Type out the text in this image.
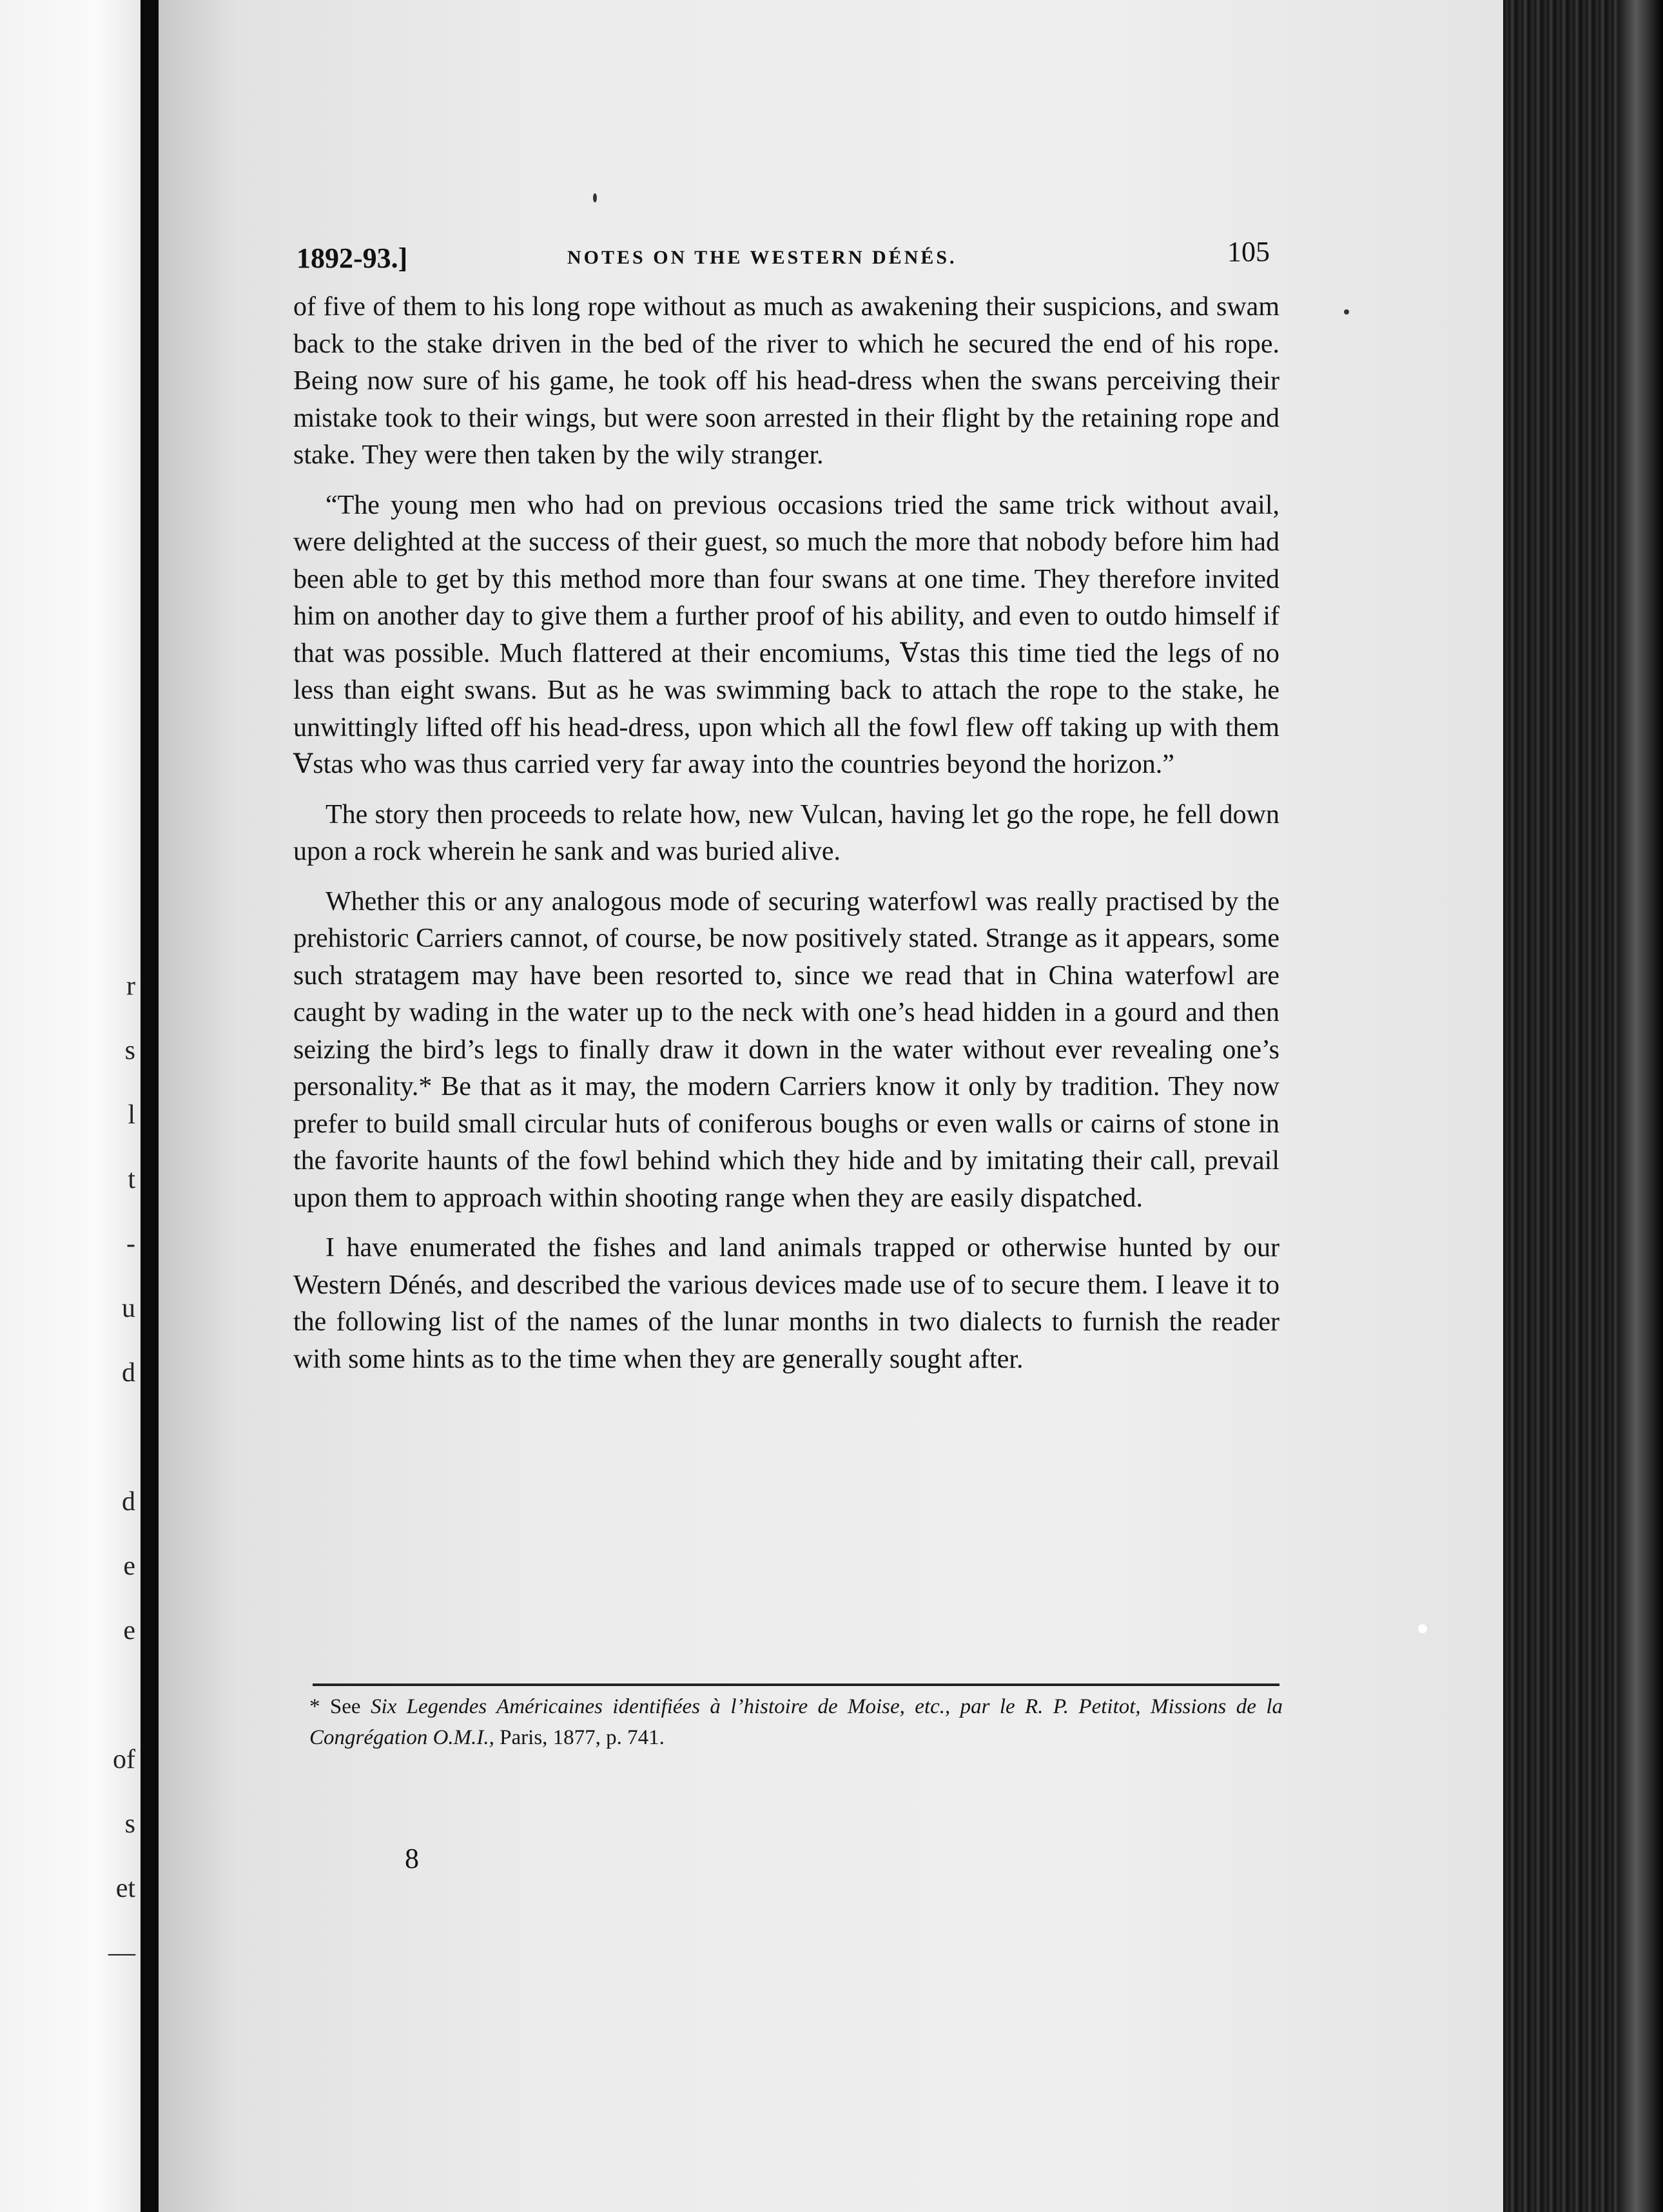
r
s
l
t
-
u
d
d
e
e
of
s
et
—
1892-93.]	NOTES ON THE WESTERN DÉNÉS.	105

of five of them to his long rope without as much as awakening their suspicions, and swam back to the stake driven in the bed of the river to which he secured the end of his rope. Being now sure of his game, he took off his head-dress when the swans perceiving their mistake took to their wings, but were soon arrested in their flight by the retaining rope and stake. They were then taken by the wily stranger.

“The young men who had on previous occasions tried the same trick without avail, were delighted at the success of their guest, so much the more that nobody before him had been able to get by this method more than four swans at one time. They therefore invited him on another day to give them a further proof of his ability, and even to outdo himself if that was possible. Much flattered at their encomiums, Ɐstas this time tied the legs of no less than eight swans. But as he was swimming back to attach the rope to the stake, he unwittingly lifted off his head-dress, upon which all the fowl flew off taking up with them Ɐstas who was thus carried very far away into the countries beyond the horizon.”

The story then proceeds to relate how, new Vulcan, having let go the rope, he fell down upon a rock wherein he sank and was buried alive.

Whether this or any analogous mode of securing waterfowl was really practised by the prehistoric Carriers cannot, of course, be now positively stated. Strange as it appears, some such stratagem may have been resorted to, since we read that in China waterfowl are caught by wading in the water up to the neck with one’s head hidden in a gourd and then seizing the bird’s legs to finally draw it down in the water without ever revealing one’s personality.* Be that as it may, the modern Carriers know it only by tradition. They now prefer to build small circular huts of coniferous boughs or even walls or cairns of stone in the favorite haunts of the fowl behind which they hide and by imitating their call, prevail upon them to approach within shooting range when they are easily dispatched.

I have enumerated the fishes and land animals trapped or otherwise hunted by our Western Dénés, and described the various devices made use of to secure them. I leave it to the following list of the names of the lunar months in two dialects to furnish the reader with some hints as to the time when they are generally sought after.

* See Six Legendes Américaines identifiées à l’histoire de Moise, etc., par le R. P. Petitot, Missions de la Congrégation O.M.I., Paris, 1877, p. 741.
8
